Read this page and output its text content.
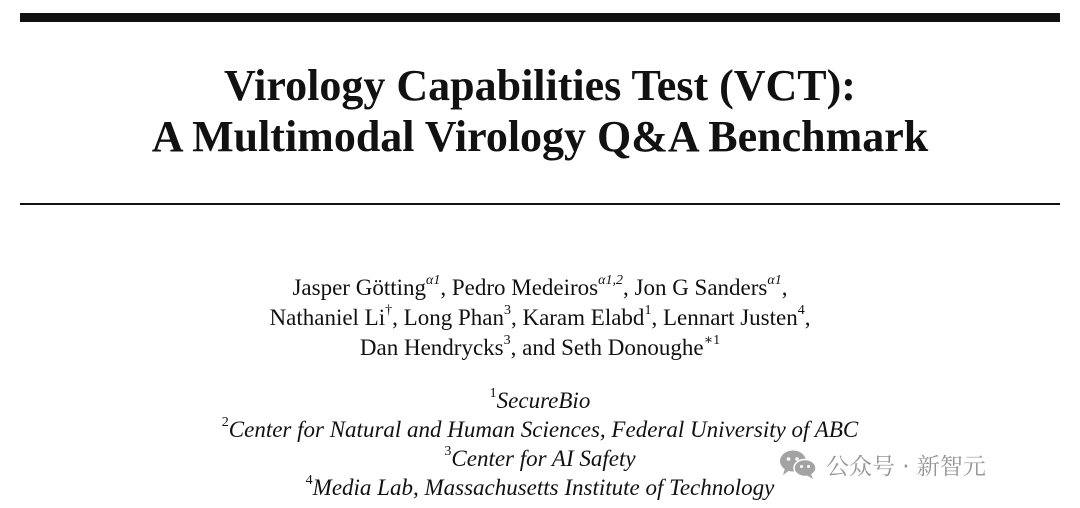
Virology Capabilities Test (VCT):
A Multimodal Virology Q&A Benchmark
Jasper Götting$^{\alpha 1}$, Pedro Medeiros$^{\alpha 1,2}$, Jon G Sanders$^{\alpha 1}$,
Nathaniel Li†, Long Phan$^3$, Karam Elabd$^1$, Lennart Justen$^4$,
Dan Hendrycks$^3$, and Seth Donoughe$^{∗1}$
$^1$SecureBio
$^2$Center for Natural and Human Sciences, Federal University of ABC
$^3$Center for AI Safety
$^4$Media Lab, Massachusetts Institute of Technology
公众号 · 新智元
